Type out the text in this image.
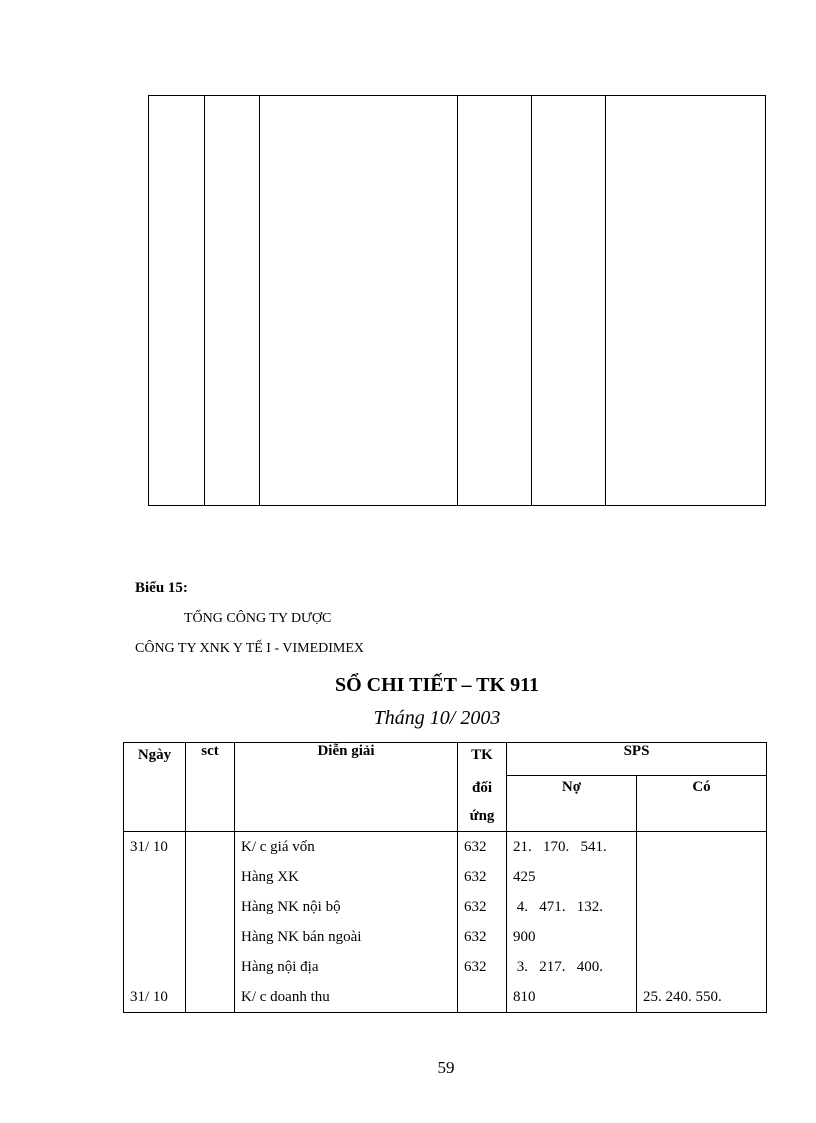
Biểu 15:
TỔNG CÔNG TY DƯỢC
CÔNG TY XNK Y TẾ I - VIMEDIMEX
SỔ CHI TIẾT – TK 911
Tháng 10/ 2003
Ngày	sct	Diễn giải	TK	SPS	
			đối	Nợ	Có
			ứng		
31/ 10		K/ c giá vốn	632	21.   170.   541.	
		Hàng XK	632	425	
		Hàng NK nội bộ	632	4.   471.   132.	
		Hàng NK bán ngoài	632	900	
		Hàng nội địa	632	3.   217.   400.	
31/ 10		K/ c doanh thu		810	25. 240. 550.
59
